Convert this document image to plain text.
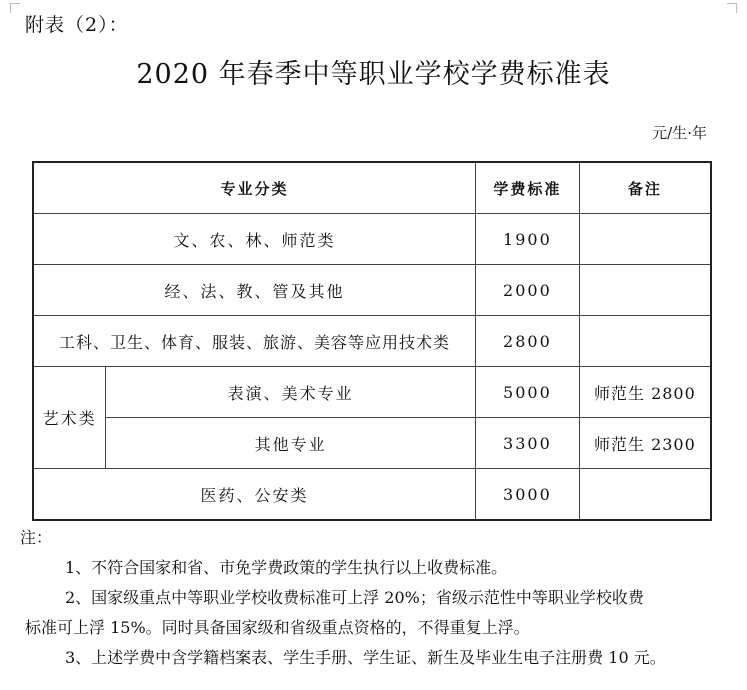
附表（2）：
2020 年春季中等职业学校学费标准表
元/生·年
专业分类		学费标准	备注
文、农、林、师范类		1900	
经、法、教、管及其他		2000	
工科、卫生、体育、服装、旅游、美容等应用技术类		2800	
艺术类	表演、美术专业	5000	师范生 2800
	其他专业	3300	师范生 2300
医药、公安类		3000	

注：

1、不符合国家和省、市免学费政策的学生执行以上收费标准。

2、国家级重点中等职业学校收费标准可上浮 20%；省级示范性中等职业学校收费

标准可上浮 15%。同时具备国家级和省级重点资格的，不得重复上浮。

3、上述学费中含学籍档案表、学生手册、学生证、新生及毕业生电子注册费 10 元。
